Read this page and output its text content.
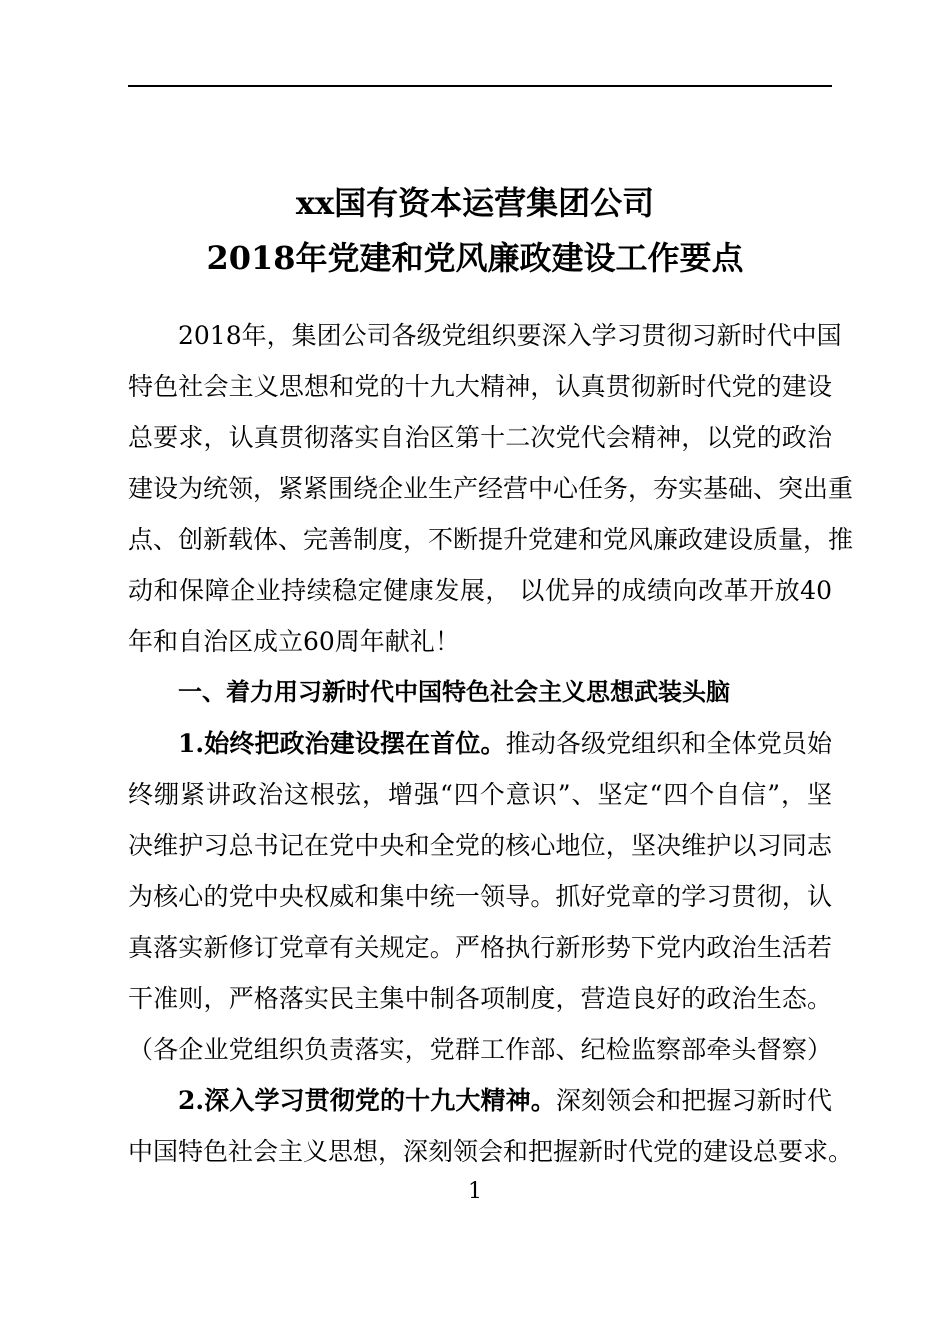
xx国有资本运营集团公司
2018年党建和党风廉政建设工作要点
2018年，集团公司各级党组织要深入学习贯彻习新时代中国
特色社会主义思想和党的十九大精神，认真贯彻新时代党的建设
总要求，认真贯彻落实自治区第十二次党代会精神，以党的政治
建设为统领，紧紧围绕企业生产经营中心任务，夯实基础、突出重
点、创新载体、完善制度，不断提升党建和党风廉政建设质量，推
动和保障企业持续稳定健康发展， 以优异的成绩向改革开放40
年和自治区成立60周年献礼！
一、着力用习新时代中国特色社会主义思想武装头脑
1.始终把政治建设摆在首位。推动各级党组织和全体党员始
终绷紧讲政治这根弦，增强“四个意识”、坚定“四个自信”，坚
决维护习总书记在党中央和全党的核心地位，坚决维护以习同志
为核心的党中央权威和集中统一领导。抓好党章的学习贯彻，认
真落实新修订党章有关规定。严格执行新形势下党内政治生活若
干准则，严格落实民主集中制各项制度，营造良好的政治生态。
（各企业党组织负责落实，党群工作部、纪检监察部牵头督察）
2.深入学习贯彻党的十九大精神。深刻领会和把握习新时代
中国特色社会主义思想，深刻领会和把握新时代党的建设总要求。
1
